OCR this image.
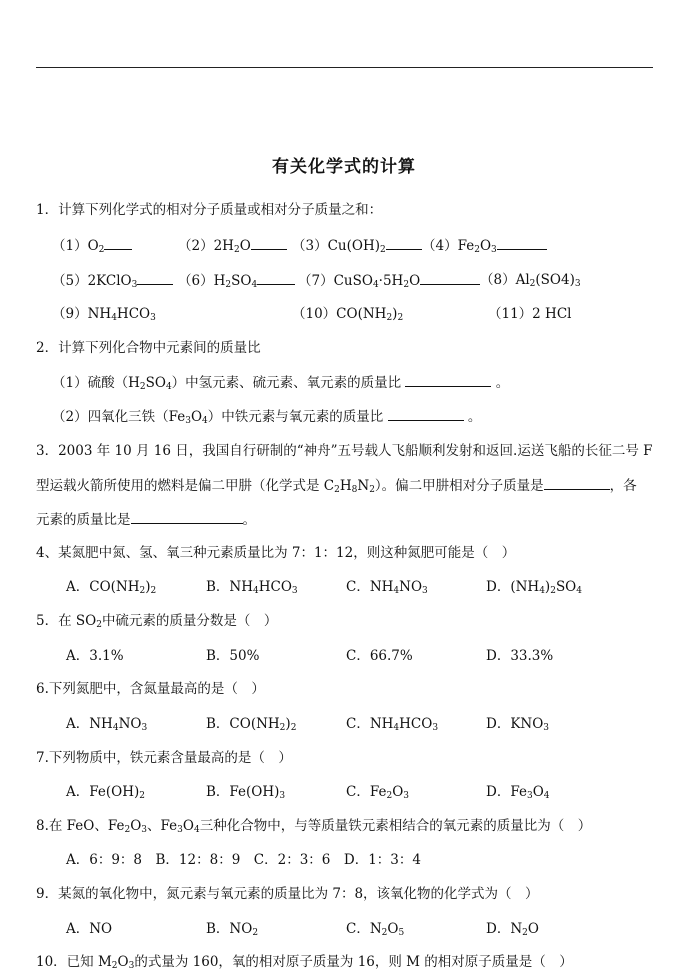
有关化学式的计算
1．计算下列化学式的相对分子质量或相对分子质量之和：
$(1)O_2$	$(2)2H_2O$	$(3)Cu(OH)_2$	$(4)Fe_2O_3$
（5）2KClO$_3$	$(6)H_2SO_4$	$(7)CuSO_4\cdot 5H_2O$	$(8)Al_2(SO4)_3$
$(9)NH_4HCO_3$	$(10)CO(NH_2)_2$	（11）2 HCl
2．计算下列化合物中元素间的质量比
（1）硫酸$(H_2SO_4)$中氢元素、硫元素、氧元素的质量比	。
（2）四氧化三铁$(Fe_3O_4)$中铁元素与氧元素的质量比	。
3．2003 年 10 月 16 日，我国自行研制的“神舟”五号载人飞船顺利发射和返回.运送飞船的长征二号 F
型运载火箭所使用的燃料是偏二甲肼（化学式是 $C_2H_8N_2$）。偏二甲肼相对分子质量是	，各
元素的质量比是	。
4、某氮肥中氮、氢、氧三种元素质量比为 7：1：12，则这种氮肥可能是（　）
A．$CO(NH_2)_2$	B．$NH_4HCO_3$	C．$NH_4NO_3$	D．$(NH_4)_2SO_4$
5．在 $SO_2$中硫元素的质量分数是（　）
A．3.1%	B．50%	C．66.7%	D．33.3%
6.下列氮肥中，含氮量最高的是（　）
A．$NH_4NO_3$	B．$CO(NH_2)_2$	C．$NH_4HCO_3$	D．$KNO_3$
7.下列物质中，铁元素含量最高的是（　）
A．$Fe(OH)_2$	B．$Fe(OH)_3$	C．$Fe_2O_3$	D．$Fe_3O_4$
8.在 FeO、$Fe_2O_3$、$Fe_3O_4$三种化合物中，与等质量铁元素相结合的氧元素的质量比为（　）
A．6：9：8　B．12：8：9　C．2：3：6　D．1：3：4
9．某氮的氧化物中，氮元素与氧元素的质量比为 7：8，该氧化物的化学式为（　）
A．NO	B．$NO_2$	C．$N_2O_5$	D．$N_2O$
10．已知 $M_2O_3$的式量为 160，氧的相对原子质量为 16，则 M 的相对原子质量是（　）
